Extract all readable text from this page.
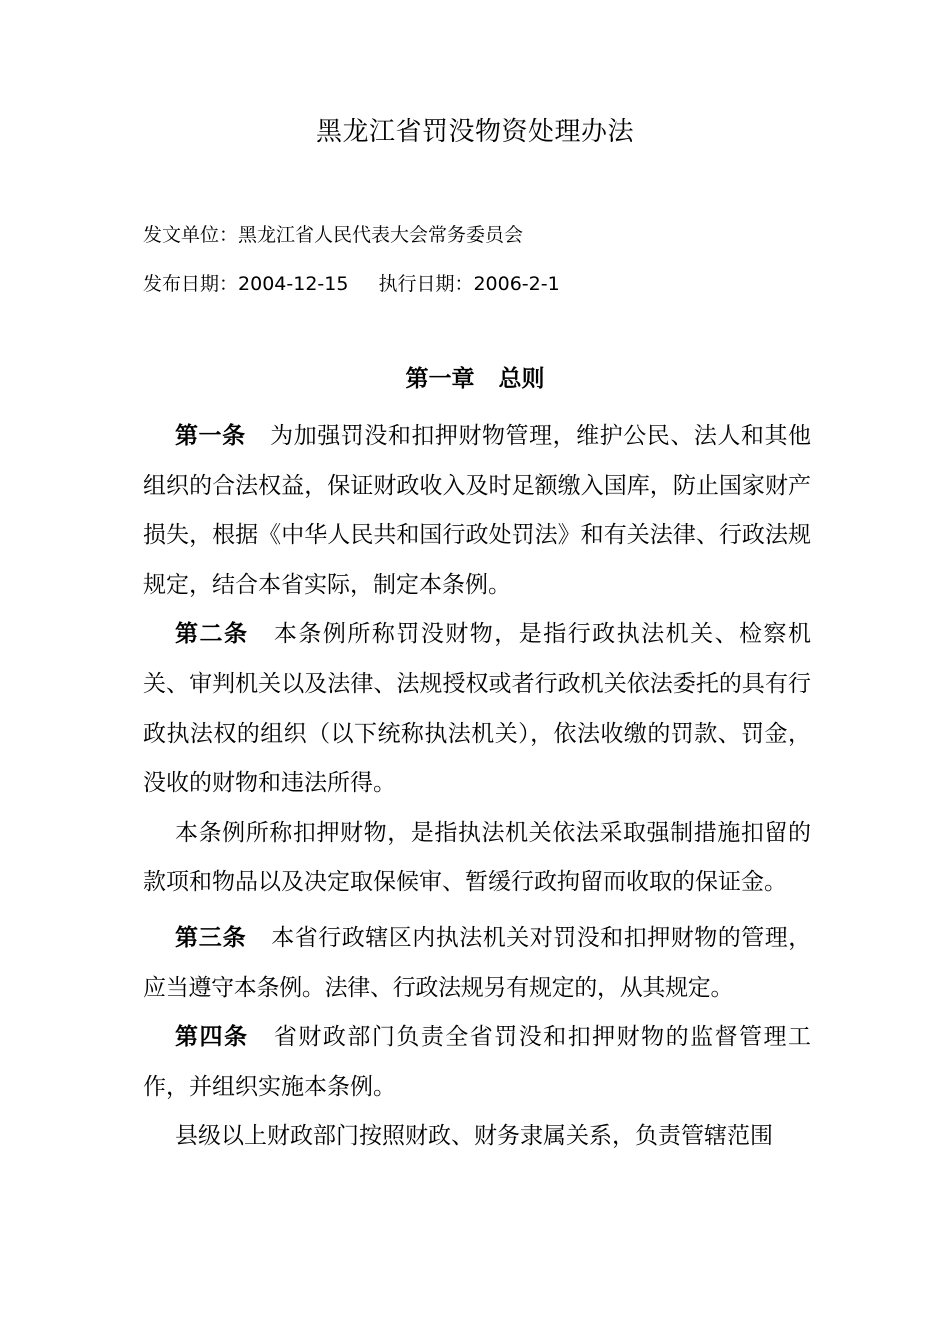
黑龙江省罚没物资处理办法
发文单位：黑龙江省人民代表大会常务委员会
发布日期：2004-12-15 执行日期：2006-2-1
第一章 总则

第一条 为加强罚没和扣押财物管理，维护公民、法人和其他组织的合法权益，保证财政收入及时足额缴入国库，防止国家财产损失，根据《中华人民共和国行政处罚法》和有关法律、行政法规规定，结合本省实际，制定本条例。

第二条 本条例所称罚没财物，是指行政执法机关、检察机关、审判机关以及法律、法规授权或者行政机关依法委托的具有行政执法权的组织（以下统称执法机关），依法收缴的罚款、罚金，没收的财物和违法所得。

本条例所称扣押财物，是指执法机关依法采取强制措施扣留的款项和物品以及决定取保候审、暂缓行政拘留而收取的保证金。

第三条 本省行政辖区内执法机关对罚没和扣押财物的管理，应当遵守本条例。法律、行政法规另有规定的，从其规定。

第四条 省财政部门负责全省罚没和扣押财物的监督管理工作，并组织实施本条例。

县级以上财政部门按照财政、财务隶属关系，负责管辖范围
